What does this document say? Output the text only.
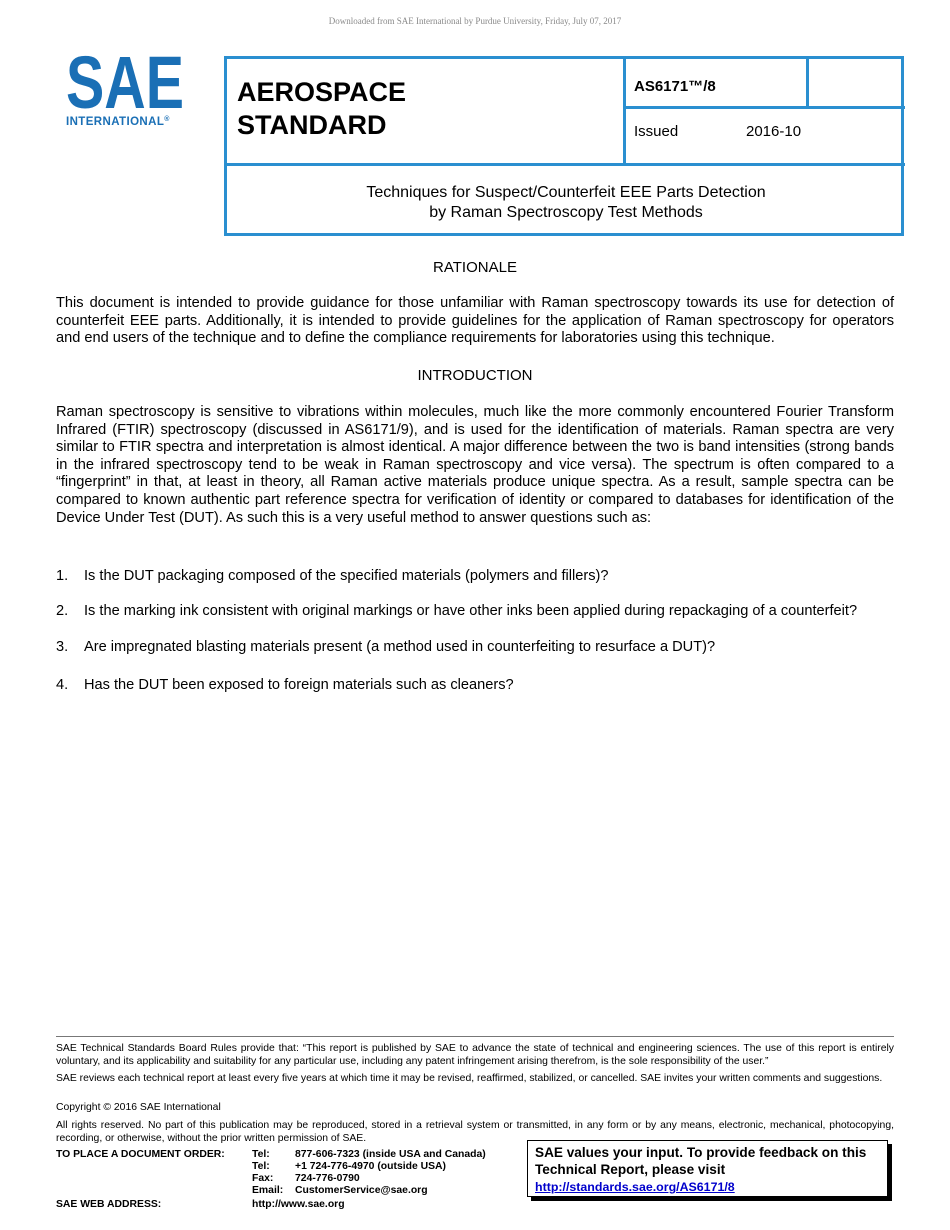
Downloaded from SAE International by Purdue University, Friday, July 07, 2017
SAE
INTERNATIONAL®
AEROSPACE
STANDARD
AS6171™/8
Issued	2016-10
Techniques for Suspect/Counterfeit EEE Parts Detection
by Raman Spectroscopy Test Methods
RATIONALE
This document is intended to provide guidance for those unfamiliar with Raman spectroscopy towards its use for detection of counterfeit EEE parts. Additionally, it is intended to provide guidelines for the application of Raman spectroscopy for operators and end users of the technique and to define the compliance requirements for laboratories using this technique.
INTRODUCTION
Raman spectroscopy is sensitive to vibrations within molecules, much like the more commonly encountered Fourier Transform Infrared (FTIR) spectroscopy (discussed in AS6171/9), and is used for the identification of materials. Raman spectra are very similar to FTIR spectra and interpretation is almost identical. A major difference between the two is band intensities (strong bands in the infrared spectroscopy tend to be weak in Raman spectroscopy and vice versa). The spectrum is often compared to a “fingerprint” in that, at least in theory, all Raman active materials produce unique spectra. As a result, sample spectra can be compared to known authentic part reference spectra for verification of identity or compared to databases for identification of the Device Under Test (DUT). As such this is a very useful method to answer questions such as:
1. Is the DUT packaging composed of the specified materials (polymers and fillers)?
2. Is the marking ink consistent with original markings or have other inks been applied during repackaging of a counterfeit?
3. Are impregnated blasting materials present (a method used in counterfeiting to resurface a DUT)?
4. Has the DUT been exposed to foreign materials such as cleaners?
SAE Technical Standards Board Rules provide that: “This report is published by SAE to advance the state of technical and engineering sciences. The use of this report is entirely voluntary, and its applicability and suitability for any particular use, including any patent infringement arising therefrom, is the sole responsibility of the user.”
SAE reviews each technical report at least every five years at which time it may be revised, reaffirmed, stabilized, or cancelled. SAE invites your written comments and suggestions.
Copyright © 2016 SAE International
All rights reserved. No part of this publication may be reproduced, stored in a retrieval system or transmitted, in any form or by any means, electronic, mechanical, photocopying, recording, or otherwise, without the prior written permission of SAE.
TO PLACE A DOCUMENT ORDER:	Tel: 877-606-7323 (inside USA and Canada)
Tel: +1 724-776-4970 (outside USA)
Fax: 724-776-0790
Email: CustomerService@sae.org
SAE WEB ADDRESS:	http://www.sae.org
SAE values your input. To provide feedback on this
Technical Report, please visit
http://standards.sae.org/AS6171/8
